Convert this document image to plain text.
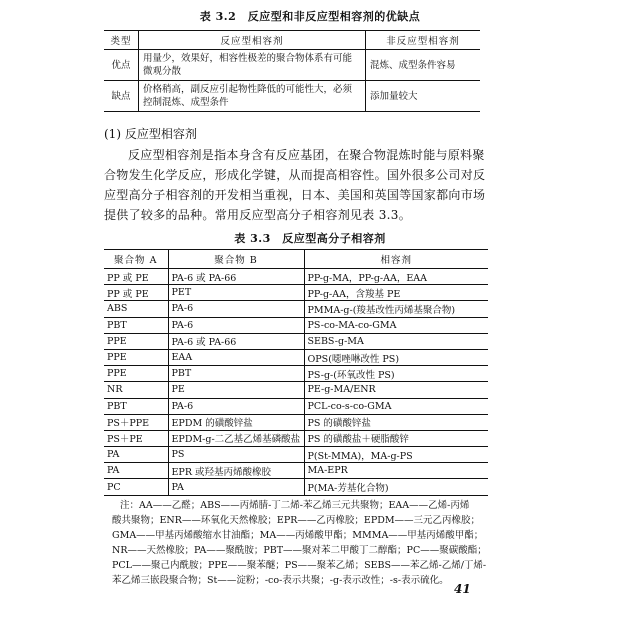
表 3.2　反应型和非反应型相容剂的优缺点
类型	反应型相容剂	非反应型相容剂
优点	用量少，效果好，相容性极差的聚合物体系有可能微观分散	混炼、成型条件容易
缺点	价格稍高，副反应引起物性降低的可能性大，必须控制混炼、成型条件	添加量较大
(1) 反应型相容剂
反应型相容剂是指本身含有反应基团，在聚合物混炼时能与原料聚合物发生化学反应，形成化学键，从而提高相容性。国外很多公司对反应型高分子相容剂的开发相当重视，日本、美国和英国等国家都向市场提供了较多的品种。常用反应型高分子相容剂见表 3.3。
表 3.3　反应型高分子相容剂
聚合物 A	聚合物 B	相容剂
PP 或 PE	PA-6 或 PA-66	PP-g-MA，PP-g-AA，EAA
PP 或 PE	PET	PP-g-AA，含羧基 PE
ABS	PA-6	PMMA-g-(羧基改性丙烯基聚合物)
PBT	PA-6	PS-co-MA-co-GMA
PPE	PA-6 或 PA-66	SEBS-g-MA
PPE	EAA	OPS(噁唑啉改性 PS)
PPE	PBT	PS-g-(环氧改性 PS)
NR	PE	PE-g-MA/ENR
PBT	PA-6	PCL-co-s-co-GMA
PS＋PPE	EPDM 的磺酸锌盐	PS 的磺酸锌盐
PS＋PE	EPDM-g-二乙基乙烯基磷酸盐	PS 的磺酸盐＋硬脂酸锌
PA	PS	P(St-MMA)，MA-g-PS
PA	EPR 或羟基丙烯酸橡胶	MA-EPR
PC	PA	P(MA-芳基化合物)
注：AA——乙醛；ABS——丙烯腈-丁二烯-苯乙烯三元共聚物；EAA——乙烯-丙烯
酸共聚物；ENR——环氧化天然橡胶；EPR——乙丙橡胶；EPDM——三元乙丙橡胶；
GMA——甲基丙烯酸缩水甘油酯；MA——丙烯酸甲酯；MMMA——甲基丙烯酸甲酯；
NR——天然橡胶；PA——聚酰胺；PBT——聚对苯二甲酸丁二醇酯；PC——聚碳酸酯；
PCL——聚己内酰胺；PPE——聚苯醚；PS——聚苯乙烯；SEBS——苯乙烯-乙烯/丁烯-
苯乙烯三嵌段聚合物；St——淀粉；-co-表示共聚；-g-表示改性；-s-表示硫化。
41
